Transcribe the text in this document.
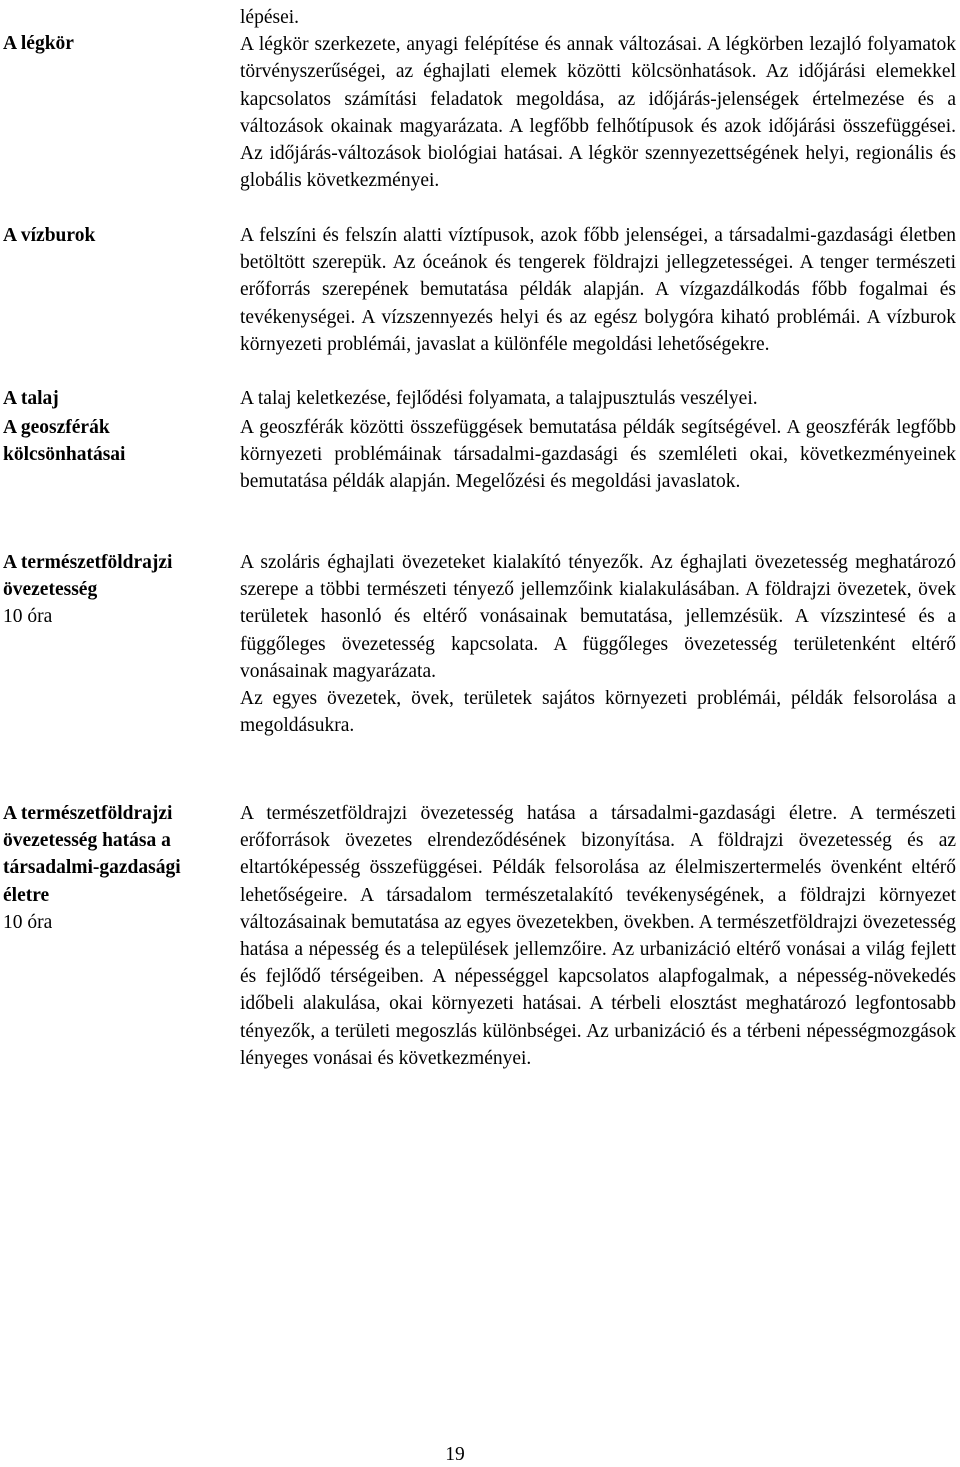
A légkör

lépései.

A légkör szerkezete, anyagi felépítése és annak változásai. A légkörben lezajló folyamatok törvényszerűségei, az éghajlati elemek közötti kölcsönhatások. Az időjárási elemekkel kapcsolatos számítási feladatok megoldása, az időjárás-jelenségek értelmezése és a változások okainak magyarázata. A legfőbb felhőtípusok és azok időjárási összefüggései. Az időjárás-változások biológiai hatásai. A légkör szennyezettségének helyi, regionális és globális következményei.

A vízburok	A felszíni és felszín alatti víztípusok, azok főbb jelenségei, a társadalmi-gazdasági életben betöltött szerepük. Az óceánok és tengerek földrajzi jellegzetességei. A tenger természeti erőforrás szerepének bemutatása példák alapján. A vízgazdálkodás főbb fogalmai és tevékenységei. A vízszennyezés helyi és az egész bolygóra kiható problémái. A vízburok környezeti problémái, javaslat a különféle megoldási lehetőségekre.

A talaj	A talaj keletkezése, fejlődési folyamata, a talajpusztulás veszélyei.

A geoszférák
kölcsönhatásai

A geoszférák közötti összefüggések bemutatása példák segítségével. A geoszférák legfőbb környezeti problémáinak társadalmi-gazdasági és szemléleti okai, következményeinek bemutatása példák alapján. Megelőzési és megoldási javaslatok.

A természetföldrajzi
övezetesség
10 óra

A szoláris éghajlati övezeteket kialakító tényezők. Az éghajlati övezetesség meghatározó szerepe a többi természeti tényező jellemzőink kialakulásában. A földrajzi övezetek, övek területek hasonló és eltérő vonásainak bemutatása, jellemzésük. A vízszintesé és a függőleges övezetesség kapcsolata. A függőleges övezetesség területenként eltérő vonásainak magyarázata.

Az egyes övezetek, övek, területek sajátos környezeti problémái, példák felsorolása a megoldásukra.

A természetföldrajzi
övezetesség hatása a
társadalmi-gazdasági
életre
10 óra

A természetföldrajzi övezetesség hatása a társadalmi-gazdasági életre. A természeti erőforrások övezetes elrendeződésének bizonyítása. A földrajzi övezetesség és az eltartóképesség összefüggései. Példák felsorolása az élelmiszertermelés övenként eltérő lehetőségeire. A társadalom természetalakító tevékenységének, a földrajzi környezet változásainak bemutatása az egyes övezetekben, övekben. A természetföldrajzi övezetesség hatása a népesség és a települések jellemzőire. Az urbanizáció eltérő vonásai a világ fejlett és fejlődő térségeiben. A népességgel kapcsolatos alapfogalmak, a népesség-növekedés időbeli alakulása, okai környezeti hatásai. A térbeli elosztást meghatározó legfontosabb tényezők, a területi megoszlás különbségei. Az urbanizáció és a térbeni népességmozgások lényeges vonásai és következményei.

19
